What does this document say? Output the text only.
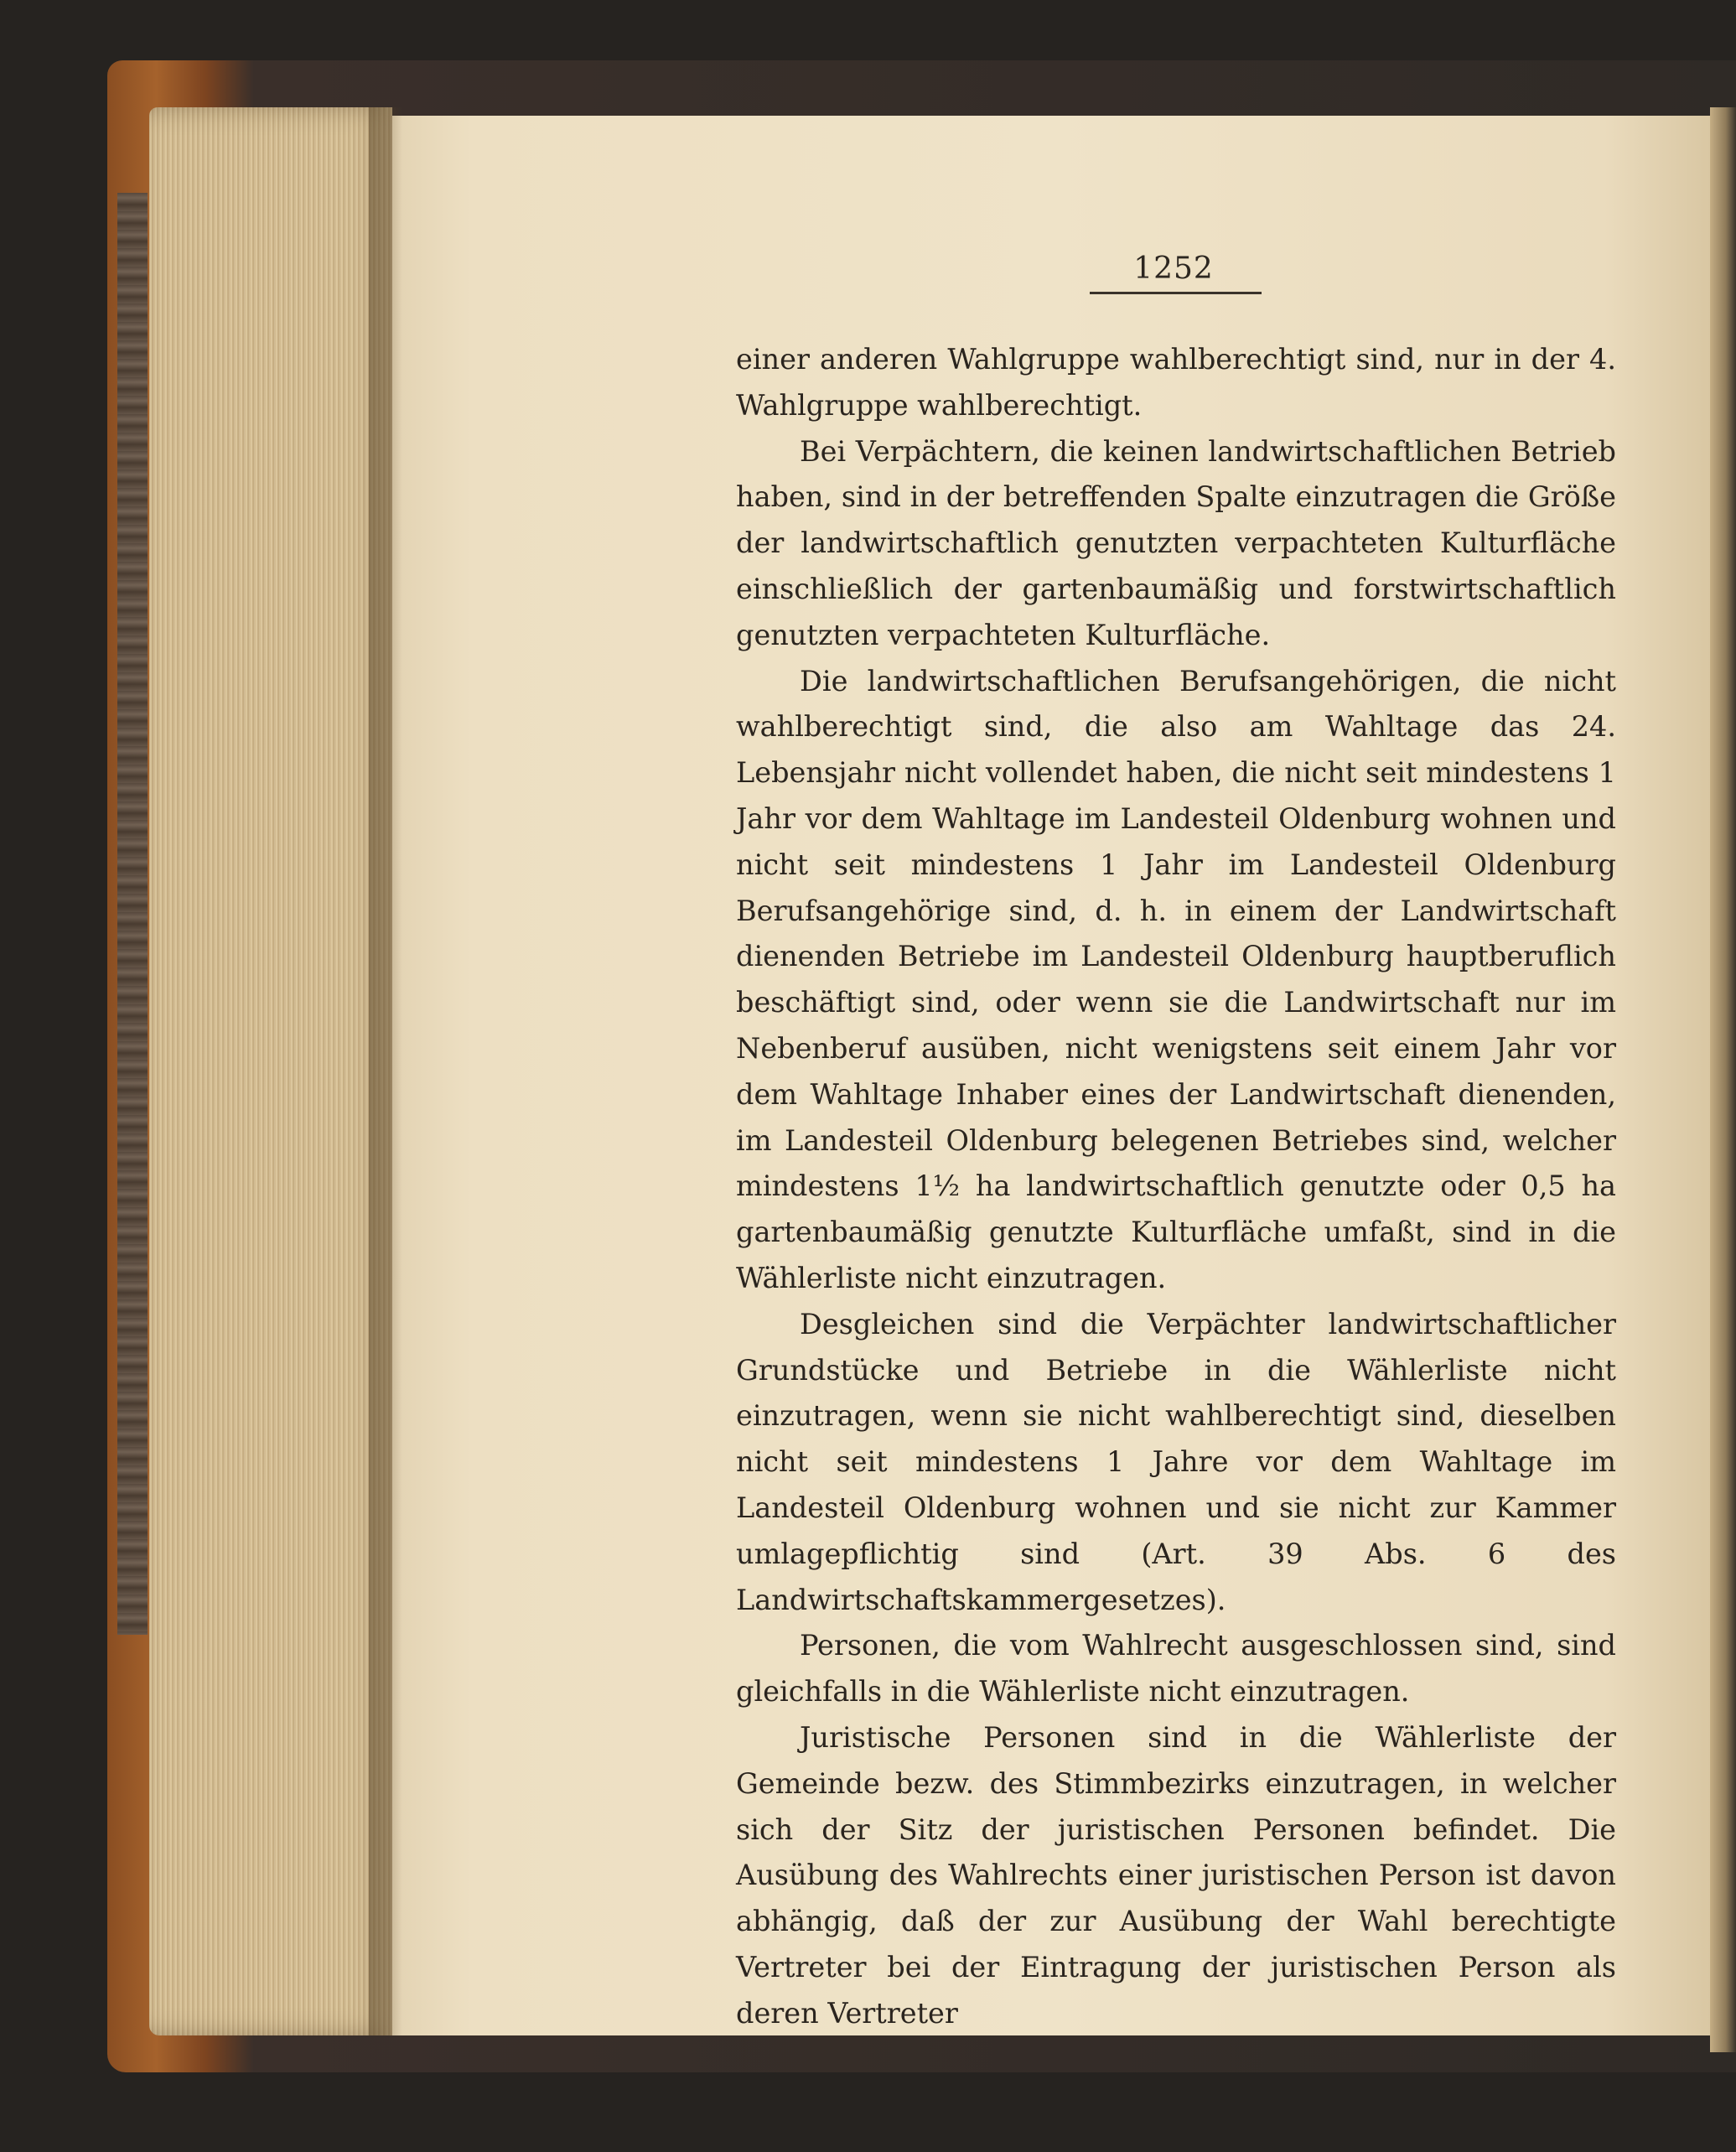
1252

einer anderen Wahlgruppe wahlberechtigt sind, nur in der 4. Wahlgruppe wahlberechtigt.

Bei Verpächtern, die keinen landwirtschaftlichen Betrieb haben, sind in der betreffenden Spalte einzutragen die Größe der landwirtschaftlich genutzten verpachteten Kulturfläche einschließlich der gartenbaumäßig und forstwirtschaftlich genutzten verpachteten Kulturfläche.

Die landwirtschaftlichen Berufsangehörigen, die nicht wahlberechtigt sind, die also am Wahltage das 24. Lebensjahr nicht vollendet haben, die nicht seit mindestens 1 Jahr vor dem Wahltage im Landesteil Oldenburg wohnen und nicht seit mindestens 1 Jahr im Landesteil Oldenburg Berufsangehörige sind, d. h. in einem der Landwirtschaft dienenden Betriebe im Landesteil Oldenburg hauptberuflich beschäftigt sind, oder wenn sie die Landwirtschaft nur im Nebenberuf ausüben, nicht wenigstens seit einem Jahr vor dem Wahltage Inhaber eines der Landwirtschaft dienenden, im Landesteil Oldenburg belegenen Betriebes sind, welcher mindestens 1½ ha landwirtschaftlich genutzte oder 0,5 ha gartenbaumäßig genutzte Kulturfläche umfaßt, sind in die Wählerliste nicht einzutragen.

Desgleichen sind die Verpächter landwirtschaftlicher Grundstücke und Betriebe in die Wählerliste nicht einzutragen, wenn sie nicht wahlberechtigt sind, dieselben nicht seit mindestens 1 Jahre vor dem Wahltage im Landesteil Oldenburg wohnen und sie nicht zur Kammer umlagepflichtig sind (Art. 39 Abs. 6 des Landwirtschaftskammergesetzes).

Personen, die vom Wahlrecht ausgeschlossen sind, sind gleichfalls in die Wählerliste nicht einzutragen.

Juristische Personen sind in die Wählerliste der Gemeinde bezw. des Stimmbezirks einzutragen, in welcher sich der Sitz der juristischen Personen befindet. Die Ausübung des Wahlrechts einer juristischen Person ist davon abhängig, daß der zur Ausübung der Wahl berechtigte Vertreter bei der Eintragung der juristischen Person als deren Vertreter
